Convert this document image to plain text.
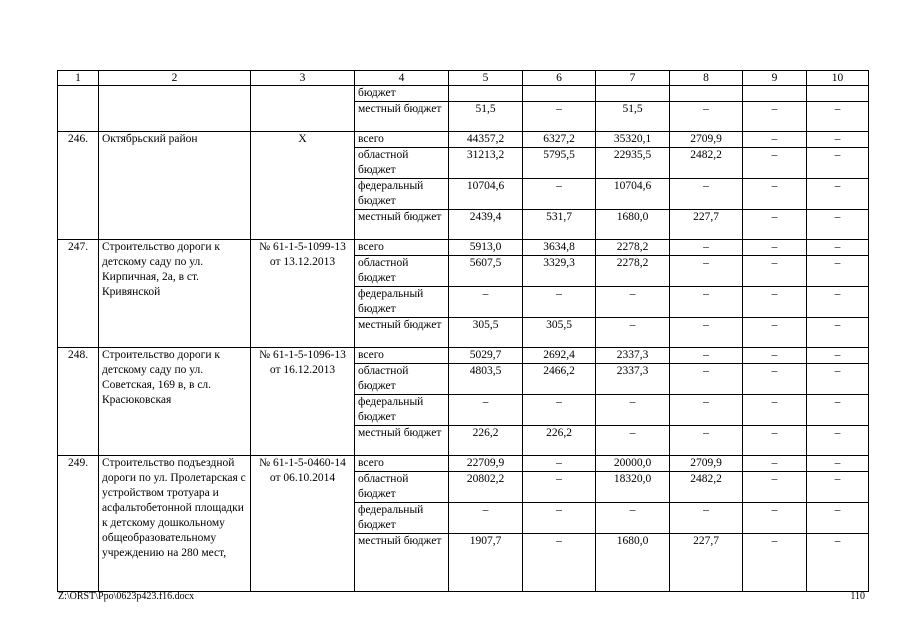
1	2	3	4	5	6	7	8	9	10
			бюджет						
			местный бюджет	51,5	–	51,5	–	–	–
246.	Октябрьский район	Х	всего	44357,2	6327,2	35320,1	2709,9	–	–
			областной бюджет	31213,2	5795,5	22935,5	2482,2	–	–
			федеральный бюджет	10704,6	–	10704,6	–	–	–
			местный бюджет	2439,4	531,7	1680,0	227,7	–	–
247.	Строительство дороги к детскому саду по ул. Кирпичная, 2а, в ст. Кривянской	№ 61-1-5-1099-13 от 13.12.2013	всего	5913,0	3634,8	2278,2	–	–	–
			областной бюджет	5607,5	3329,3	2278,2	–	–	–
			федеральный бюджет	–	–	–	–	–	–
			местный бюджет	305,5	305,5	–	–	–	–
248.	Строительство дороги к детскому саду по ул. Советская, 169 в, в сл. Красюковская	№ 61-1-5-1096-13 от 16.12.2013	всего	5029,7	2692,4	2337,3	–	–	–
			областной бюджет	4803,5	2466,2	2337,3	–	–	–
			федеральный бюджет	–	–	–	–	–	–
			местный бюджет	226,2	226,2	–	–	–	–
249.	Строительство подъездной дороги по ул. Пролетарская с устройством тротуара и асфальтобетонной площадки к детскому дошкольному общеобразовательному учреждению на 280 мест,	№ 61-1-5-0460-14 от 06.10.2014	всего	22709,9	–	20000,0	2709,9	–	–
			областной бюджет	20802,2	–	18320,0	2482,2	–	–
			федеральный бюджет	–	–	–	–	–	–
			местный бюджет	1907,7	–	1680,0	227,7	–	–
Z:\ORST\Ppo\0623p423.f16.docx	110
